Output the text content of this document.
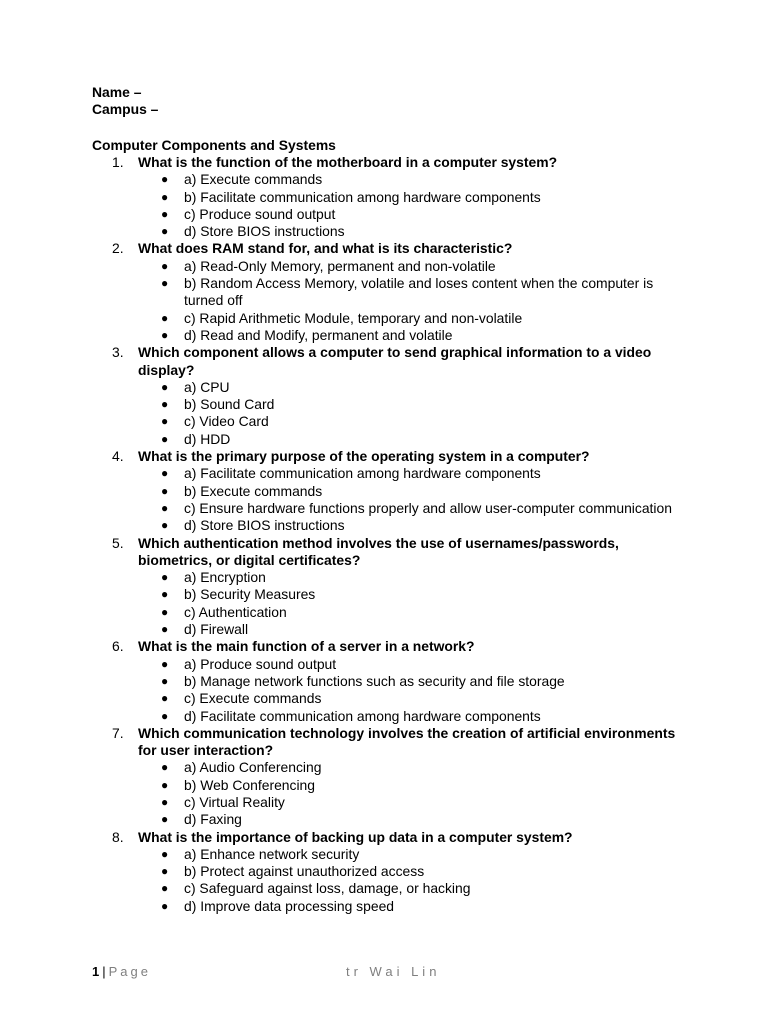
Name –
Campus –
Computer Components and Systems
1.	What is the function of the motherboard in a computer system?
● a) Execute commands
● b) Facilitate communication among hardware components
● c) Produce sound output
● d) Store BIOS instructions
2.	What does RAM stand for, and what is its characteristic?
● a) Read-Only Memory, permanent and non-volatile
● b) Random Access Memory, volatile and loses content when the computer is turned off
● c) Rapid Arithmetic Module, temporary and non-volatile
● d) Read and Modify, permanent and volatile
3.	Which component allows a computer to send graphical information to a video display?
● a) CPU
● b) Sound Card
● c) Video Card
● d) HDD
4.	What is the primary purpose of the operating system in a computer?
● a) Facilitate communication among hardware components
● b) Execute commands
● c) Ensure hardware functions properly and allow user-computer communication
● d) Store BIOS instructions
5.	Which authentication method involves the use of usernames/passwords, biometrics, or digital certificates?
● a) Encryption
● b) Security Measures
● c) Authentication
● d) Firewall
6.	What is the main function of a server in a network?
● a) Produce sound output
● b) Manage network functions such as security and file storage
● c) Execute commands
● d) Facilitate communication among hardware components
7.	Which communication technology involves the creation of artificial environments for user interaction?
● a) Audio Conferencing
● b) Web Conferencing
● c) Virtual Reality
● d) Faxing
8.	What is the importance of backing up data in a computer system?
● a) Enhance network security
● b) Protect against unauthorized access
● c) Safeguard against loss, damage, or hacking
● d) Improve data processing speed
1 | Page	tr Wai Lin
